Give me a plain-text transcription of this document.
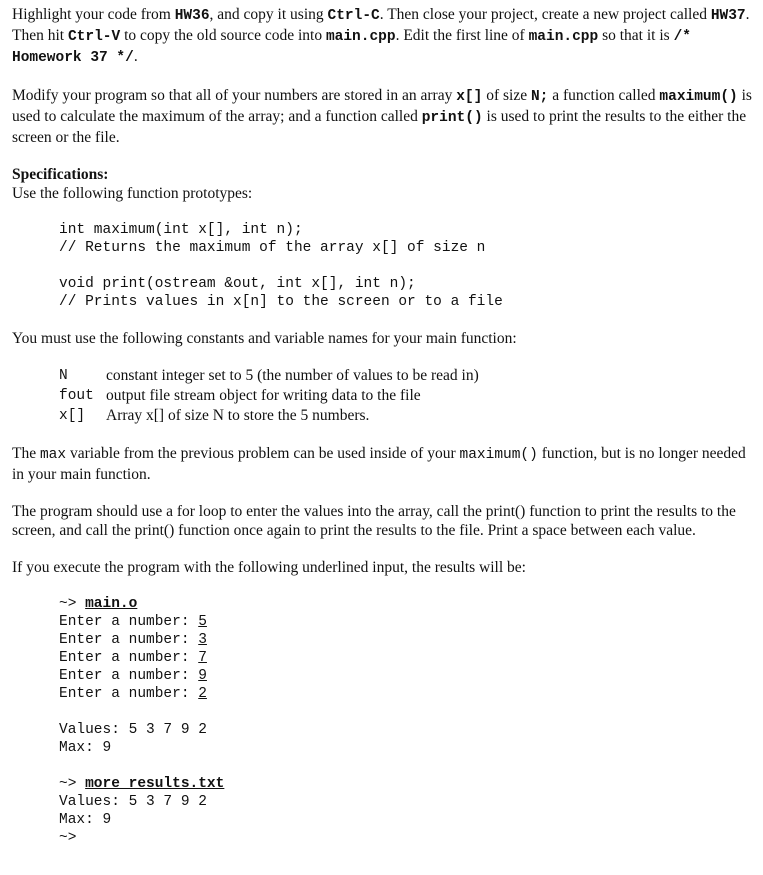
Highlight your code from HW36, and copy it using Ctrl-C. Then close your project, create a new project called HW37. Then hit Ctrl-V to copy the old source code into main.cpp. Edit the first line of main.cpp so that it is /* Homework 37 */.

Modify your program so that all of your numbers are stored in an array x[] of size N; a function called maximum() is used to calculate the maximum of the array; and a function called print() is used to print the results to the either the screen or the file.

Specifications:

Use the following function prototypes:

int maximum(int x[], int n);
// Returns the maximum of the array x[] of size n
void print(ostream &out, int x[], int n);
// Prints values in x[n] to the screen or to a file

You must use the following constants and variable names for your main function:

N	constant integer set to 5 (the number of values to be read in)
fout	output file stream object for writing data to the file
x[]	Array x[] of size N to store the 5 numbers.

The max variable from the previous problem can be used inside of your maximum() function, but is no longer needed in your main function.

The program should use a for loop to enter the values into the array, call the print() function to print the results to the screen, and call the print() function once again to print the results to the file. Print a space between each value.

If you execute the program with the following underlined input, the results will be:

~> main.o
Enter a number: 5
Enter a number: 3
Enter a number: 7
Enter a number: 9
Enter a number: 2
Values: 5 3 7 9 2
Max: 9
~> more results.txt
Values: 5 3 7 9 2
Max: 9
~>
